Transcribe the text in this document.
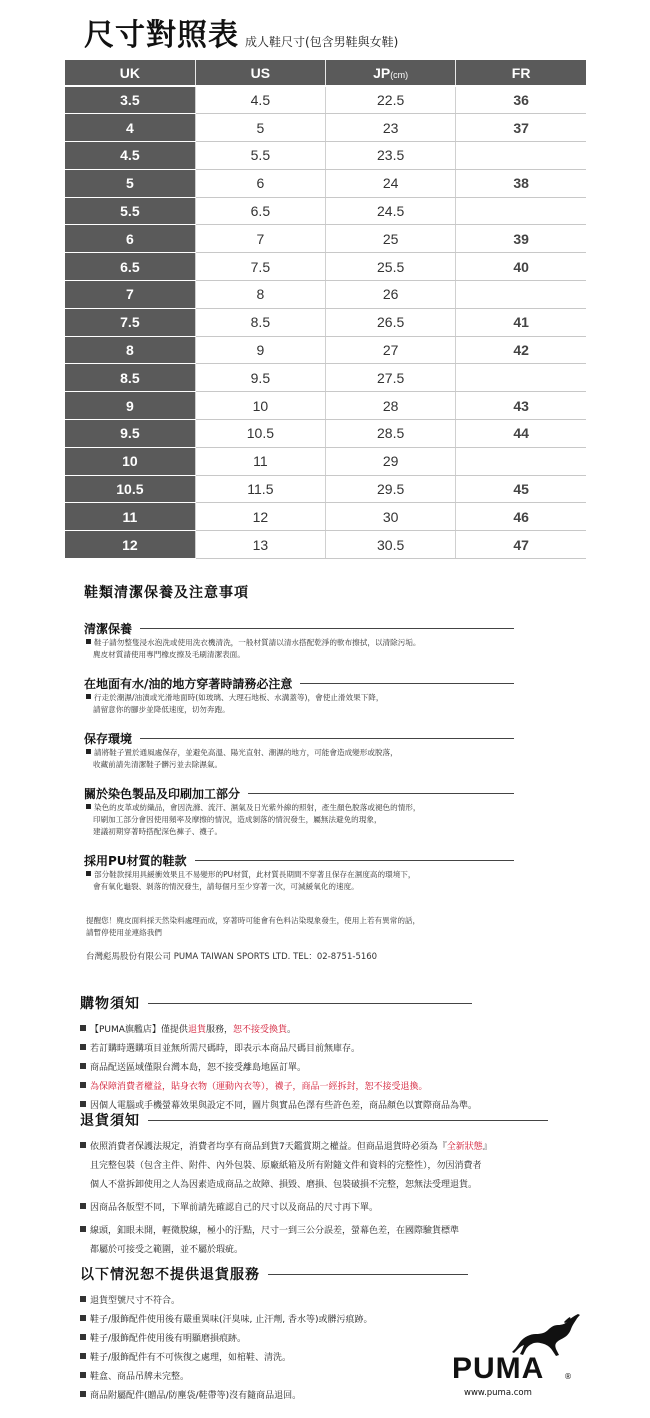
尺寸對照表 成人鞋尺寸(包含男鞋與女鞋)
UK	US	JP(cm)	FR
3.5	4.5	22.5	36
4	5	23	37
4.5	5.5	23.5	
5	6	24	38
5.5	6.5	24.5	
6	7	25	39
6.5	7.5	25.5	40
7	8	26	
7.5	8.5	26.5	41
8	9	27	42
8.5	9.5	27.5	
9	10	28	43
9.5	10.5	28.5	44
10	11	29	
10.5	11.5	29.5	45
11	12	30	46
12	13	30.5	47
鞋類清潔保養及注意事項
清潔保養

鞋子請勿整隻浸水泡洗或使用洗衣機清洗，一般材質請以清水搭配乾淨的軟布擦拭，以清除污垢。

麂皮材質請使用專門橡皮擦及毛刷清潔表面。

在地面有水/油的地方穿著時請務必注意

行走於潮濕/油漬或光滑地面時(如玻璃、大理石地板、水溝蓋等)，會使止滑效果下降，

請留意你的腳步並降低速度，切勿奔跑。

保存環境

請將鞋子置於通風處保存，並避免高溫、陽光直射、潮濕的地方，可能會造成變形或脫落，

收藏前請先清潔鞋子髒污並去除濕氣。

關於染色製品及印刷加工部分

染色的皮革或紡織品，會因洗滌、流汗、濕氣及日光紫外線的照射，產生顏色脫落或褪色的情形，

印刷加工部分會因使用頻率及摩擦的情況，造成剝落的情況發生，屬無法避免的現象，

建議初期穿著時搭配深色褲子、襪子。

採用PU材質的鞋款

部分鞋款採用具緩衝效果且不易變形的PU材質，此材質長期間不穿著且保存在濕度高的環境下，

會有氧化龜裂、剝落的情況發生，請每個月至少穿著一次，可減緩氧化的速度。

提醒您！麂皮面料採天然染料處理而成，穿著時可能會有色料沾染現象發生，使用上若有異常的話，

請暫停使用並連絡我們

台灣彪馬股份有限公司 PUMA TAIWAN SPORTS LTD. TEL：02-8751-5160

購物須知
【PUMA旗艦店】僅提供退貨服務，恕不接受換貨。
若訂購時選購項目並無所需尺碼時，即表示本商品尺碼目前無庫存。
商品配送區域僅限台灣本島，恕不接受離島地區訂單。
為保障消費者權益，貼身衣物（運動內衣等），襪子，商品一經拆封，恕不接受退換。
因個人電腦或手機螢幕效果與設定不同，圖片與實品色澤有些許色差，商品顏色以實際商品為準。
退貨須知
依照消費者保護法規定，消費者均享有商品到貨7天鑑賞期之權益。但商品退貨時必須為『全新狀態』
且完整包裝（包含主件、附件、內外包裝、原廠紙箱及所有附隨文件和資料的完整性），勿因消費者
個人不當拆卸使用之人為因素造成商品之故障、損毀、磨損、包裝破損不完整，恕無法受理退貨。
因商品各版型不同，下單前請先確認自己的尺寸以及商品的尺寸再下單。
線頭，釦眼未開，輕微脫線，極小的汙點，尺寸一到三公分誤差，螢幕色差，在國際驗貨標準
都屬於可接受之範圍，並不屬於瑕疵。
以下情況恕不提供退貨服務
退貨型號尺寸不符合。
鞋子/服飾配件使用後有嚴重異味(汗臭味, 止汗劑, 香水等)或髒污痕跡。
鞋子/服飾配件使用後有明顯磨損痕跡。
鞋子/服飾配件有不可恢復之處理，如棺鞋、清洗。
鞋盒、商品吊牌未完整。
商品附屬配件(贈品/防塵袋/鞋帶等)沒有隨商品退回。
PUMA ®
www.puma.com
